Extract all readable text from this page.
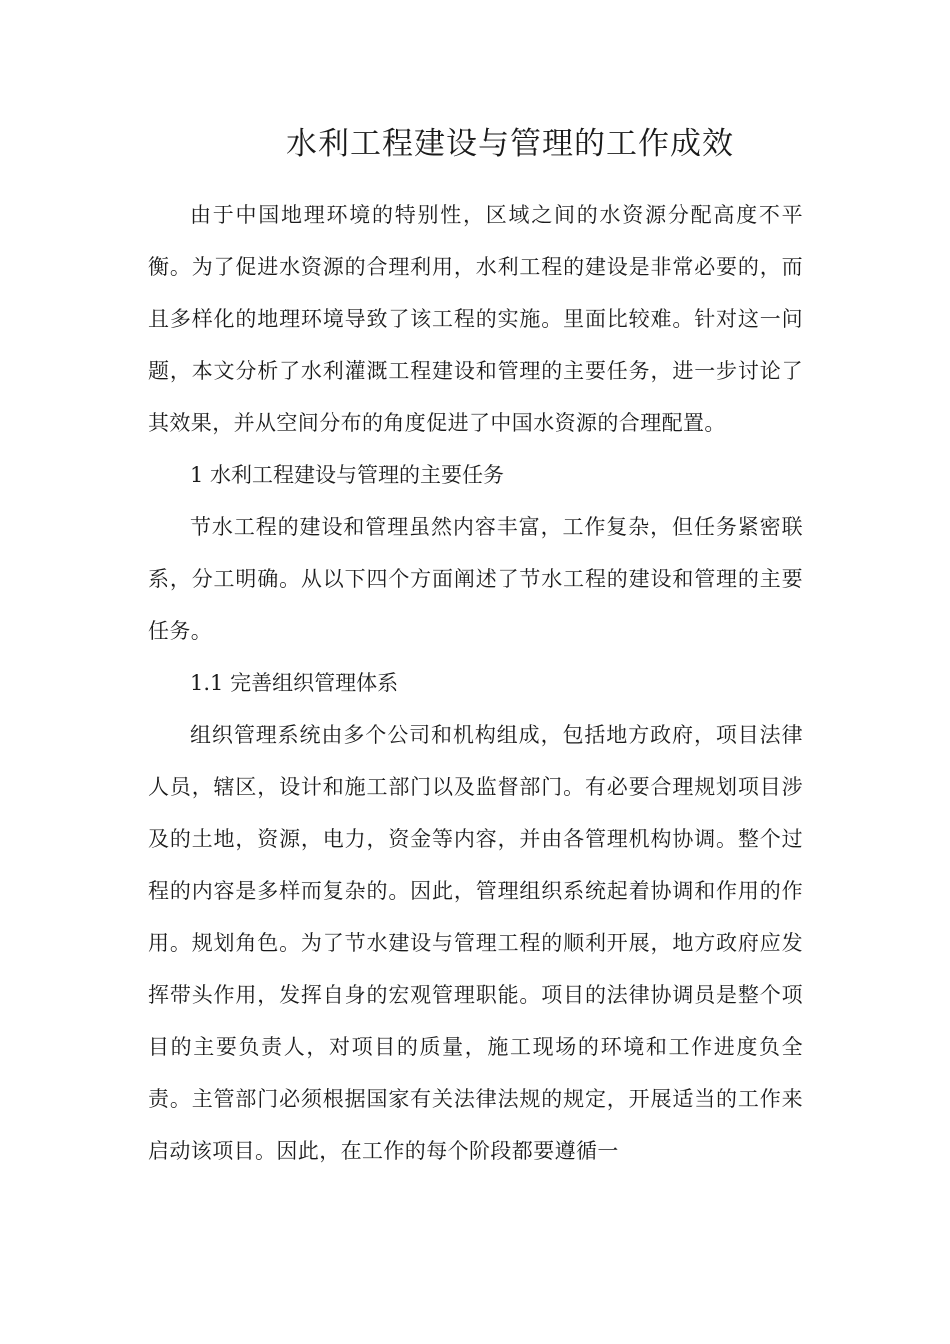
水利工程建设与管理的工作成效

由于中国地理环境的特别性，区域之间的水资源分配高度不平衡。为了促进水资源的合理利用，水利工程的建设是非常必要的，而且多样化的地理环境导致了该工程的实施。里面比较难。针对这一问题，本文分析了水利灌溉工程建设和管理的主要任务，进一步讨论了其效果，并从空间分布的角度促进了中国水资源的合理配置。

1 水利工程建设与管理的主要任务

节水工程的建设和管理虽然内容丰富，工作复杂，但任务紧密联系，分工明确。从以下四个方面阐述了节水工程的建设和管理的主要任务。

1.1 完善组织管理体系

组织管理系统由多个公司和机构组成，包括地方政府，项目法律人员，辖区，设计和施工部门以及监督部门。有必要合理规划项目涉及的土地，资源，电力，资金等内容，并由各管理机构协调。整个过程的内容是多样而复杂的。因此，管理组织系统起着协调和作用的作用。规划角色。为了节水建设与管理工程的顺利开展，地方政府应发挥带头作用，发挥自身的宏观管理职能。项目的法律协调员是整个项目的主要负责人，对项目的质量，施工现场的环境和工作进度负全责。主管部门必须根据国家有关法律法规的规定，开展适当的工作来启动该项目。因此，在工作的每个阶段都要遵循一
